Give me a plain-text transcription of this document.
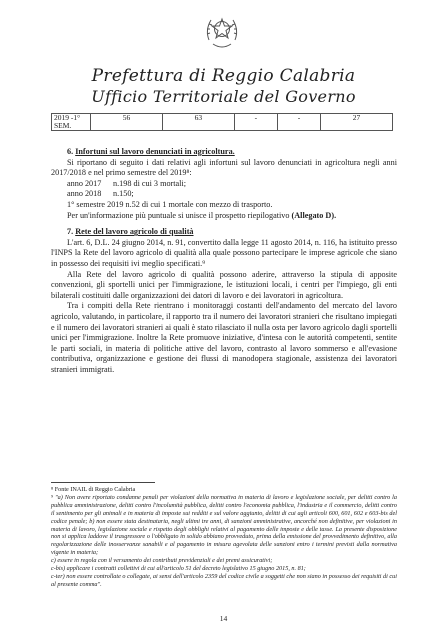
Prefettura di Reggio Calabria
Ufficio Territoriale del Governo
2019 -1° SEM.	56	63	-	-	27

6. Infortuni sul lavoro denunciati in agricoltura.

Si riportano di seguito i dati relativi agli infortuni sul lavoro denunciati in agricoltura negli anni 2017/2018 e nel primo semestre del 2019⁸:

anno 2017 n.198 di cui 3 mortali;

anno 2018 n.150;

1° semestre 2019 n.52 di cui 1 mortale con mezzo di trasporto.

Per un'informazione più puntuale si unisce il prospetto riepilogativo (Allegato D).

7. Rete del lavoro agricolo di qualità

L'art. 6, D.L. 24 giugno 2014, n. 91, convertito dalla legge 11 agosto 2014, n. 116, ha istituito presso l'INPS la Rete del lavoro agricolo di qualità alla quale possono partecipare le imprese agricole che siano in possesso dei requisiti ivi meglio specificati.⁹

Alla Rete del lavoro agricolo di qualità possono aderire, attraverso la stipula di apposite convenzioni, gli sportelli unici per l'immigrazione, le istituzioni locali, i centri per l'impiego, gli enti bilaterali costituiti dalle organizzazioni dei datori di lavoro e dei lavoratori in agricoltura.

Tra i compiti della Rete rientrano i monitoraggi costanti dell'andamento del mercato del lavoro agricolo, valutando, in particolare, il rapporto tra il numero dei lavoratori stranieri che risultano impiegati e il numero dei lavoratori stranieri ai quali è stato rilasciato il nulla osta per lavoro agricolo dagli sportelli unici per l'immigrazione. Inoltre la Rete promuove iniziative, d'intesa con le autorità competenti, sentite le parti sociali, in materia di politiche attive del lavoro, contrasto al lavoro sommerso e all'evasione contributiva, organizzazione e gestione dei flussi di manodopera stagionale, assistenza dei lavoratori stranieri immigrati.

⁸ Fonte INAIL di Reggio Calabria

⁹ "a) Non avere riportato condanne penali per violazioni della normativa in materia di lavoro e legislazione sociale, per delitti contro la pubblica amministrazione, delitti contro l'incolumità pubblica, delitti contro l'economia pubblica, l'industria e il commercio, delitti contro il sentimento per gli animali e in materia di imposte sui redditi e sul valore aggiunto, delitti di cui agli articoli 600, 601, 602 e 603-bis del codice penale; b) non essere stata destinataria, negli ultimi tre anni, di sanzioni amministrative, ancorché non definitive, per violazioni in materia di lavoro, legislazione sociale e rispetto degli obblighi relativi al pagamento delle imposte e delle tasse. La presente disposizione non si applica laddove il trasgressore o l'obbligato in solido abbiano provveduto, prima della emissione del provvedimento definitivo, alla regolarizzazione delle inosservanze sanabili e al pagamento in misura agevolata delle sanzioni entro i termini previsti dalla normativa vigente in materia;

c) essere in regola con il versamento dei contributi previdenziali e dei premi assicurativi;

c-bis) applicare i contratti collettivi di cui all'articolo 51 del decreto legislativo 15 giugno 2015, n. 81;

c-ter) non essere controllate o collegate, ai sensi dell'articolo 2359 del codice civile a soggetti che non siano in possesso dei requisiti di cui al presente comma".

14
